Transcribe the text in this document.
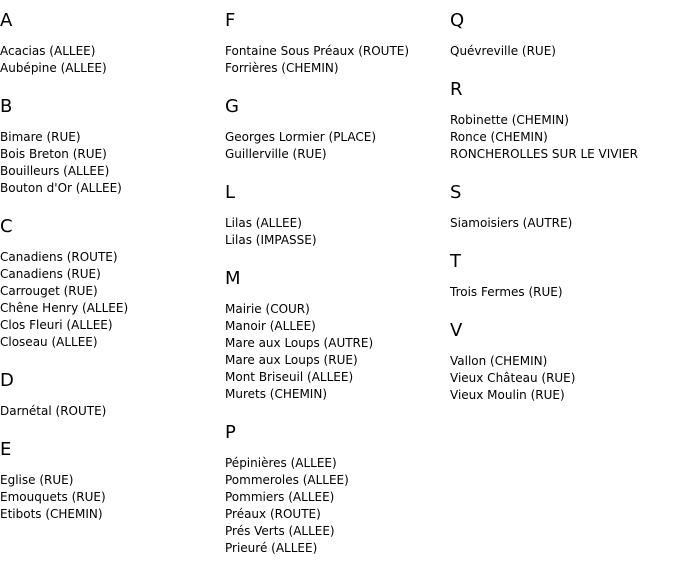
A
Acacias (ALLEE)
Aubépine (ALLEE)
B
Bimare (RUE)
Bois Breton (RUE)
Bouilleurs (ALLEE)
Bouton d'Or (ALLEE)
C
Canadiens (ROUTE)
Canadiens (RUE)
Carrouget (RUE)
Chêne Henry (ALLEE)
Clos Fleuri (ALLEE)
Closeau (ALLEE)
D
Darnétal (ROUTE)
E
Eglise (RUE)
Emouquets (RUE)
Etibots (CHEMIN)
F
Fontaine Sous Préaux (ROUTE)
Forrières (CHEMIN)
G
Georges Lormier (PLACE)
Guillerville (RUE)
L
Lilas (ALLEE)
Lilas (IMPASSE)
M
Mairie (COUR)
Manoir (ALLEE)
Mare aux Loups (AUTRE)
Mare aux Loups (RUE)
Mont Briseuil (ALLEE)
Murets (CHEMIN)
P
Pépinières (ALLEE)
Pommeroles (ALLEE)
Pommiers (ALLEE)
Préaux (ROUTE)
Prés Verts (ALLEE)
Prieuré (ALLEE)
Q
Quévreville (RUE)
R
Robinette (CHEMIN)
Ronce (CHEMIN)
RONCHEROLLES SUR LE VIVIER
S
Siamoisiers (AUTRE)
T
Trois Fermes (RUE)
V
Vallon (CHEMIN)
Vieux Château (RUE)
Vieux Moulin (RUE)
